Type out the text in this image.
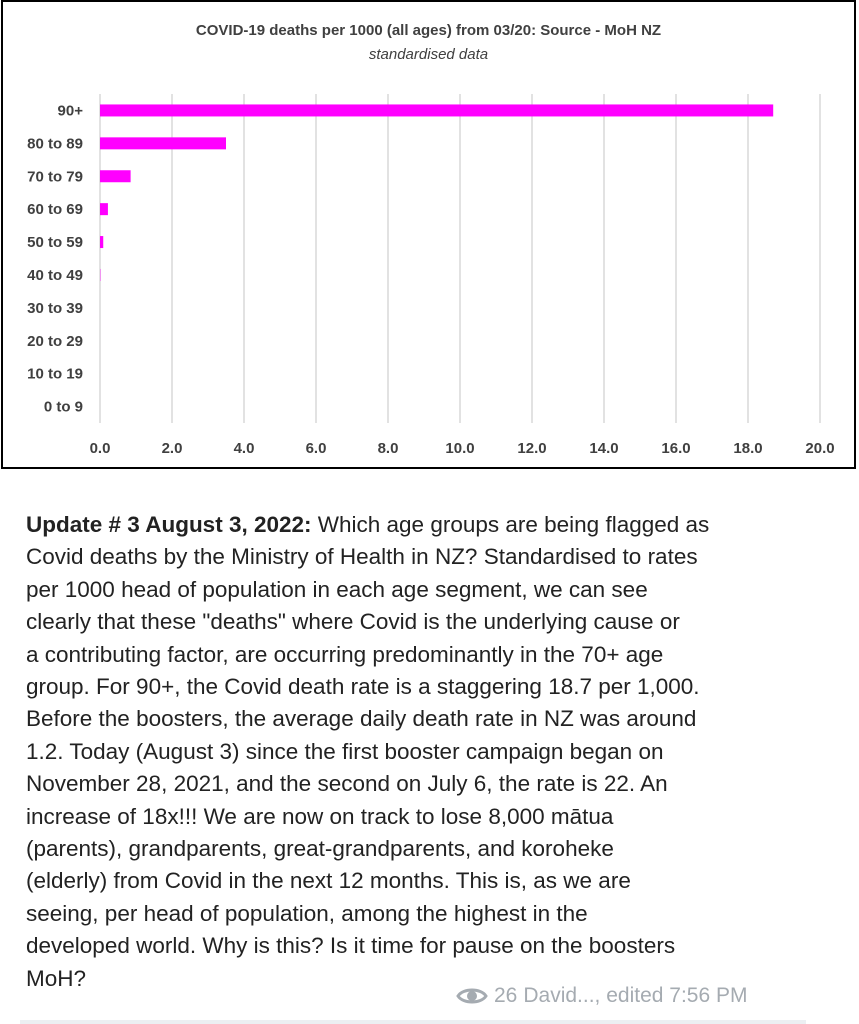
COVID-19 deaths per 1000 (all ages) from 03/20: Source - MoH NZ
standardised data
0.0	2.0	4.0	6.0	8.0	10.0	12.0	14.0	16.0	18.0	20.0
90+
80 to 89
70 to 79
60 to 69
50 to 59
40 to 49
30 to 39
20 to 29
10 to 19
0 to 9
Update # 3 August 3, 2022: Which age groups are being flagged as
Covid deaths by the Ministry of Health in NZ? Standardised to rates
per 1000 head of population in each age segment, we can see
clearly that these "deaths" where Covid is the underlying cause or
a contributing factor, are occurring predominantly in the 70+ age
group. For 90+, the Covid death rate is a staggering 18.7 per 1,000.
Before the boosters, the average daily death rate in NZ was around
1.2. Today (August 3) since the first booster campaign began on
November 28, 2021, and the second on July 6, the rate is 22. An
increase of 18x!!! We are now on track to lose 8,000 mātua
(parents), grandparents, great-grandparents, and koroheke
(elderly) from Covid in the next 12 months. This is, as we are
seeing, per head of population, among the highest in the
developed world. Why is this? Is it time for pause on the boosters
MoH?
26 David..., edited 7:56 PM
